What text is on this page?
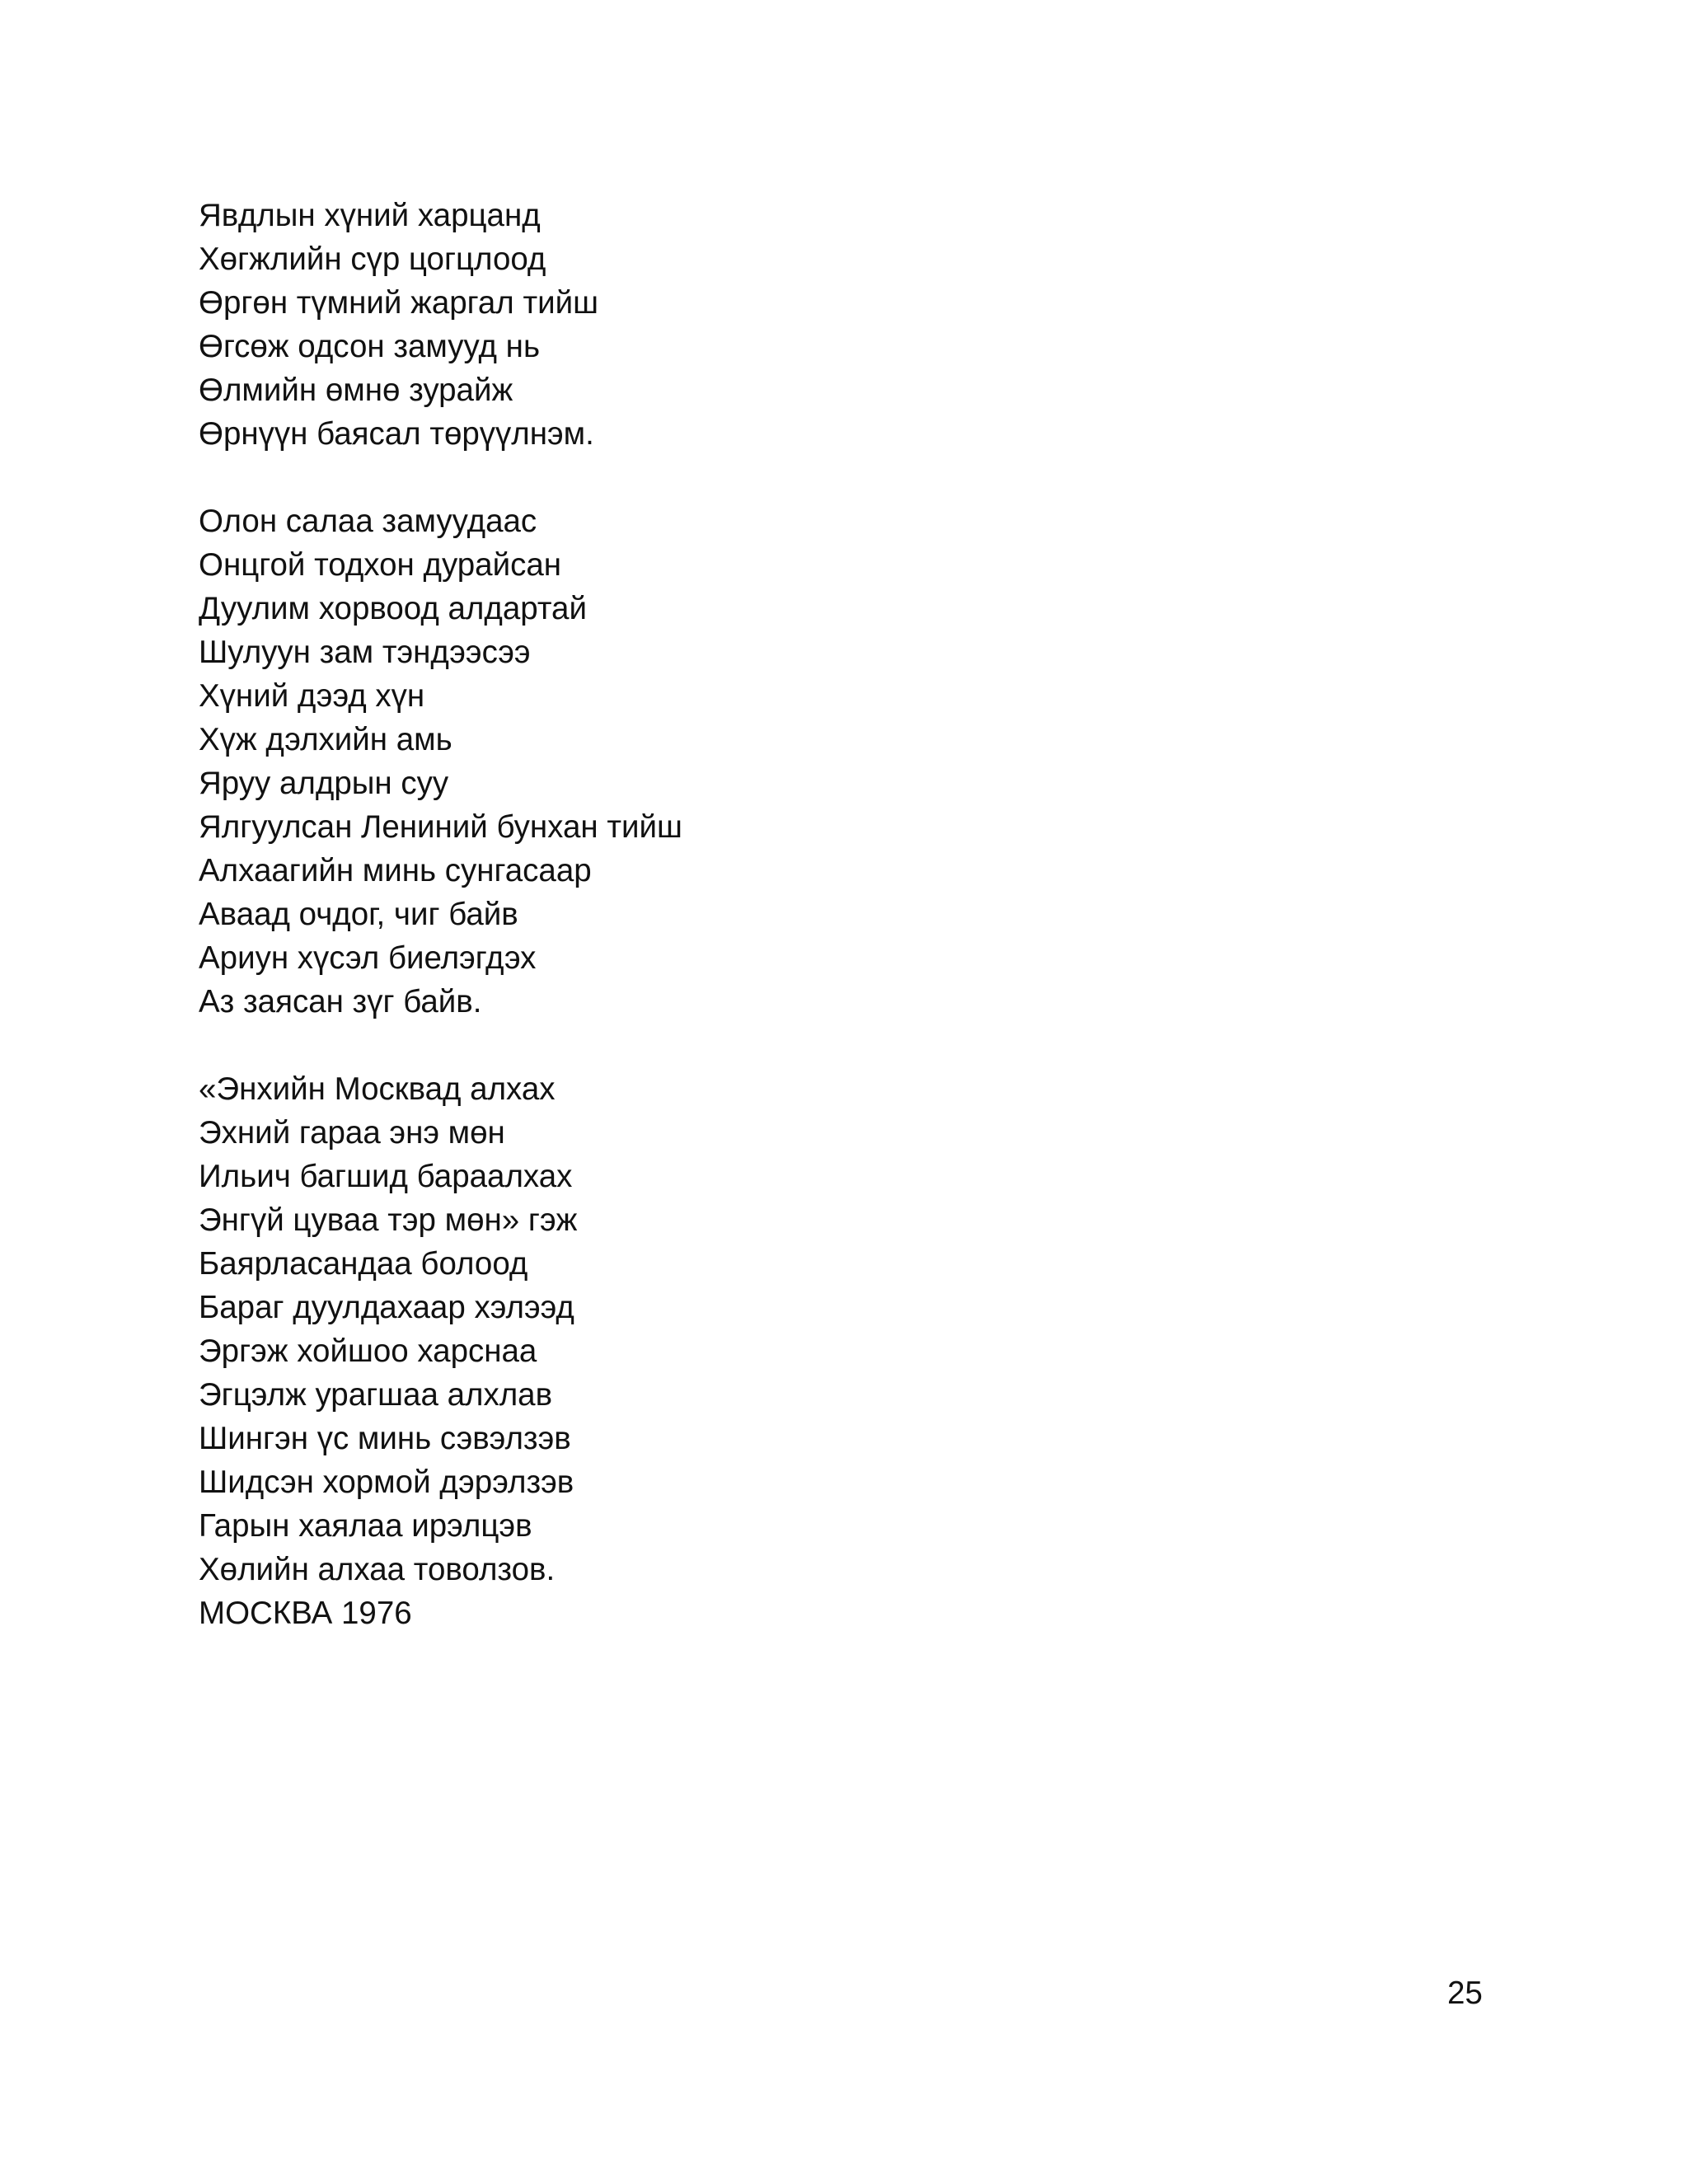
Явдлын хүний харцанд
Хөгжлийн сүр цогцлоод
Өргөн түмний жаргал тийш
Өгсөж одсон замууд нь
Өлмийн өмнө зурайж
Өрнүүн баясал төрүүлнэм.
Олон салаа замуудаас
Онцгой тодхон дурайсан
Дуулим хорвоод алдартай
Шулуун зам тэндээсээ
Хүний дээд хүн
Хүж дэлхийн амь
Яруу алдрын суу
Ялгуулсан Лениний бунхан тийш
Алхаагийн минь сунгасаар
Аваад очдог, чиг байв
Ариун хүсэл биелэгдэх
Аз заясан зүг байв.
«Энхийн Москвад алхах
Эхний гараа энэ мөн
Ильич багшид бараалхах
Энгүй цуваа тэр мөн» гэж
Баярласандаа болоод
Бараг дуулдахаар хэлээд
Эргэж хойшоо харснаа
Эгцэлж урагшаа алхлав
Шингэн үс минь сэвэлзэв
Шидсэн хормой дэрэлзэв
Гарын хаялаа ирэлцэв
Хөлийн алхаа товолзов.
МОСКВА 1976
25
